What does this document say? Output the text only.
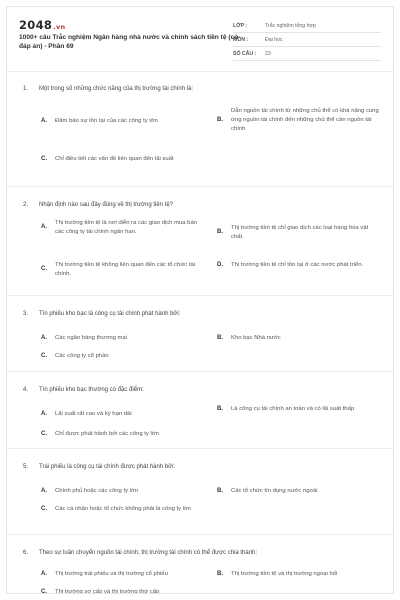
2048.vn
1000+ câu Trắc nghiệm Ngân hàng nhà nước và chính sách tiền tệ (có đáp án) - Phần 69
LỚP :	Trắc nghiệm tổng hợp
MÔN :	Đại học
SỐ CÂU :	23
1.	Một trong số những chức năng của thị trường tài chính là:
A.	Đảm bảo sự tồn tại của các công ty lớn	B.
Dẫn nguồn tài chính từ những chủ thể có khả năng cung ứng nguồn tài chính đến những chủ thể cần nguồn tài chính
C.	Chỉ điều tiết các vấn đề liên quan đến lãi suất
2.	Nhận định nào sau đây đúng về thị trường tiền tệ?
A.
Thị trường tiền tệ là nơi diễn ra các giao dịch mua bán các công ty tài chính ngân hạn.	B.
Thị trường tiền tệ chỉ giao dịch các loại hàng hóa vật chất.
C.
Thị trường tiền tệ không liên quan đến các tổ chức tài chính.
D.	Thị trường tiền tệ chỉ tồn tại ở các nước phát triển.
3.	Tín phiếu kho bạc là công cụ tài chính phát hành bởi:
A.	Các ngân hàng thương mại	B.	Kho bạc Nhà nước
C.	Các công ty cổ phần
4.	Tín phiếu kho bạc thường có đặc điểm:
A.	Lãi suất rất cao và kỳ hạn dài
B.	Là công cụ tài chính an toàn và có lãi suất thấp
C.	Chỉ được phát hành bởi các công ty lớn
5.	Trái phiếu là công cụ tài chính được phát hành bởi:
A.	Chính phủ hoặc các công ty lớn	B.	Các tổ chức tín dụng nước ngoài
C.	Các cá nhân hoặc tổ chức không phải là công ty lớn
6.	Theo sự luân chuyển nguồn tài chính, thị trường tài chính có thể được chia thành:
A.	Thị trường trái phiếu và thị trường cổ phiếu	B.	Thị trường tiền tệ và thị trường ngoại hối
C.	Thị trường sơ cấp và thị trường thứ cấp
